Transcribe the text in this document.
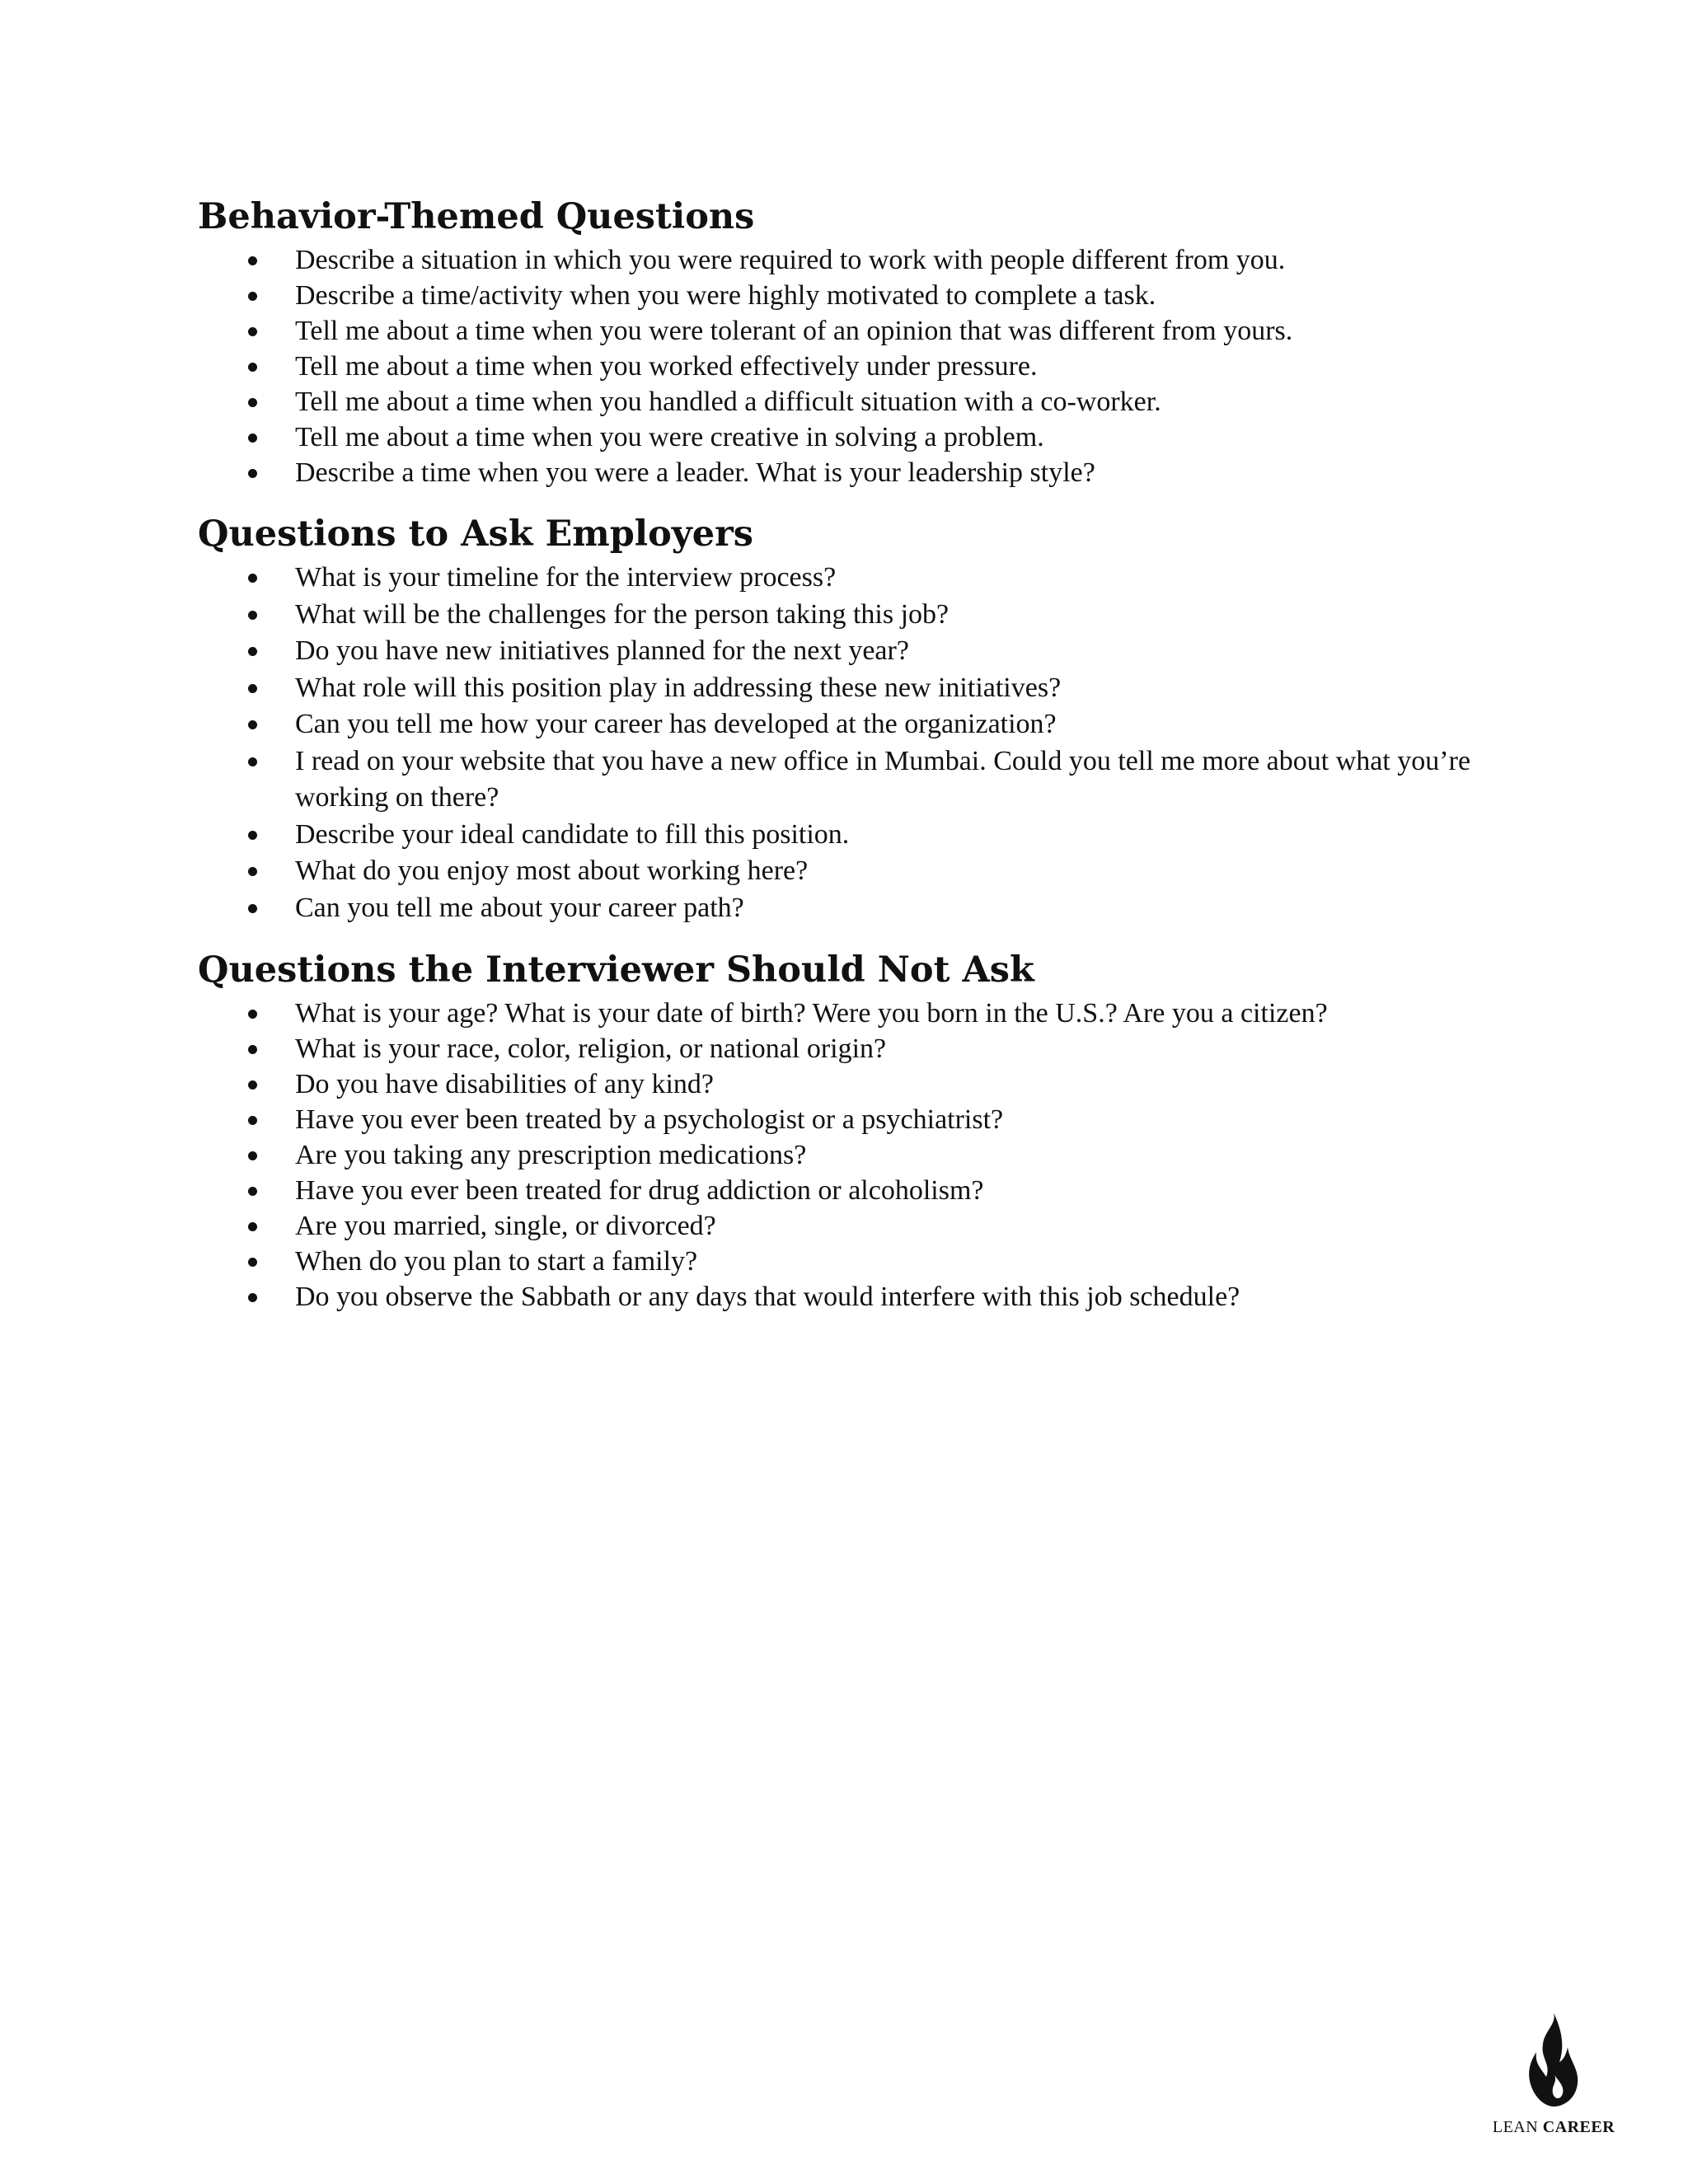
Behavior-Themed Questions
Describe a situation in which you were required to work with people different from you.
Describe a time/activity when you were highly motivated to complete a task.
Tell me about a time when you were tolerant of an opinion that was different from yours.
Tell me about a time when you worked effectively under pressure.
Tell me about a time when you handled a difficult situation with a co-worker.
Tell me about a time when you were creative in solving a problem.
Describe a time when you were a leader. What is your leadership style?
Questions to Ask Employers
What is your timeline for the interview process?
What will be the challenges for the person taking this job?
Do you have new initiatives planned for the next year?
What role will this position play in addressing these new initiatives?
Can you tell me how your career has developed at the organization?
I read on your website that you have a new office in Mumbai. Could you tell me more about what you’re working on there?
Describe your ideal candidate to fill this position.
What do you enjoy most about working here?
Can you tell me about your career path?
Questions the Interviewer Should Not Ask
What is your age? What is your date of birth? Were you born in the U.S.? Are you a citizen?
What is your race, color, religion, or national origin?
Do you have disabilities of any kind?
Have you ever been treated by a psychologist or a psychiatrist?
Are you taking any prescription medications?
Have you ever been treated for drug addiction or alcoholism?
Are you married, single, or divorced?
When do you plan to start a family?
Do you observe the Sabbath or any days that would interfere with this job schedule?
LEAN CAREER
